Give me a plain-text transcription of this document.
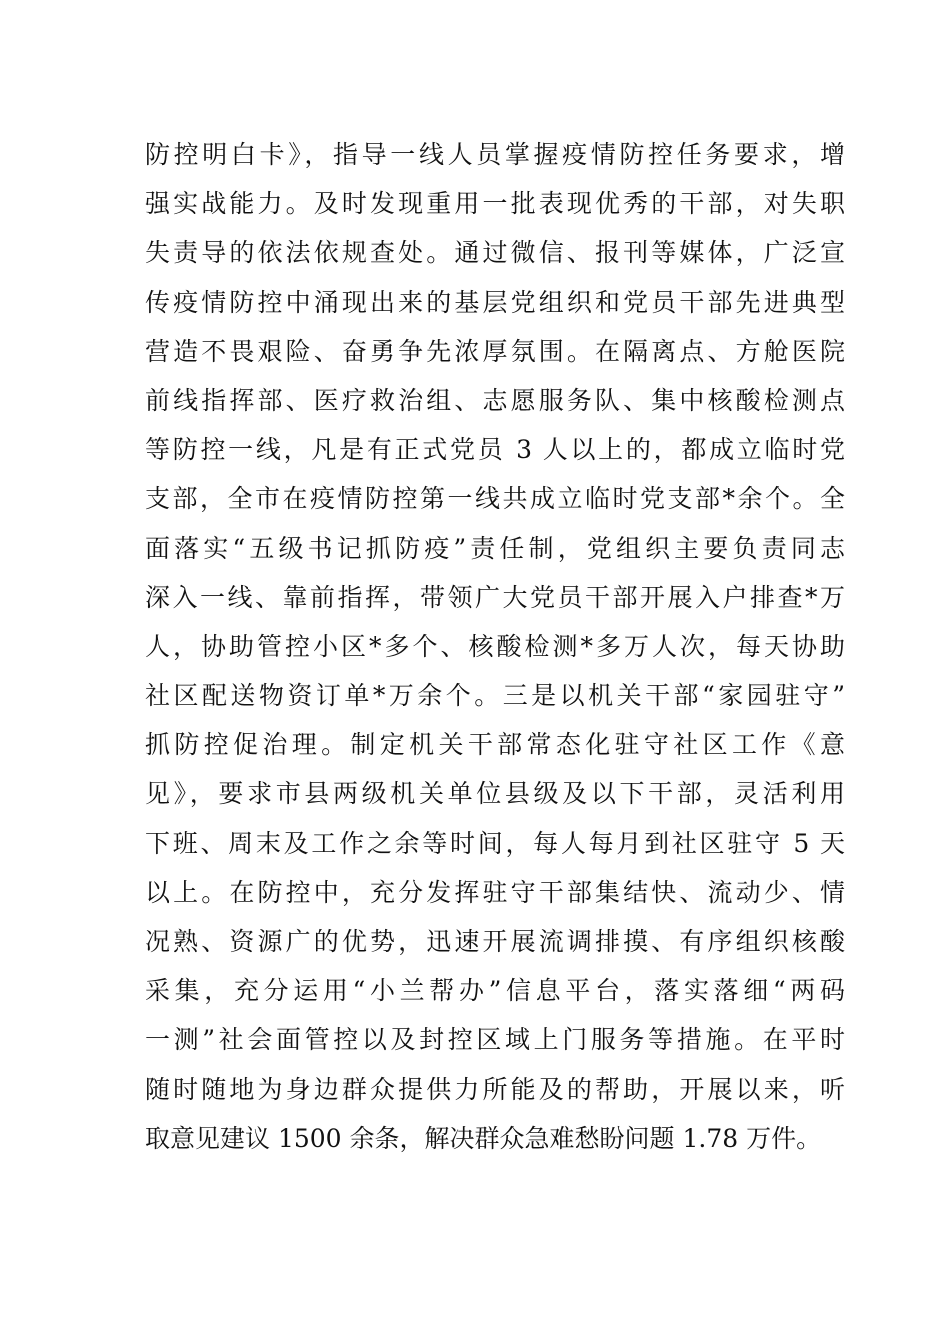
防控明白卡》，指导一线人员掌握疫情防控任务要求，增
强实战能力。及时发现重用一批表现优秀的干部，对失职
失责导的依法依规查处。通过微信、报刊等媒体，广泛宣
传疫情防控中涌现出来的基层党组织和党员干部先进典型
营造不畏艰险、奋勇争先浓厚氛围。在隔离点、方舱医院
前线指挥部、医疗救治组、志愿服务队、集中核酸检测点
等防控一线，凡是有正式党员 3 人以上的，都成立临时党
支部，全市在疫情防控第一线共成立临时党支部*余个。全
面落实“五级书记抓防疫”责任制，党组织主要负责同志
深入一线、靠前指挥，带领广大党员干部开展入户排查*万
人，协助管控小区*多个、核酸检测*多万人次，每天协助
社区配送物资订单*万余个。三是以机关干部“家园驻守”
抓防控促治理。制定机关干部常态化驻守社区工作《意
见》，要求市县两级机关单位县级及以下干部，灵活利用
下班、周末及工作之余等时间，每人每月到社区驻守 5 天
以上。在防控中，充分发挥驻守干部集结快、流动少、情
况熟、资源广的优势，迅速开展流调排摸、有序组织核酸
采集，充分运用“小兰帮办”信息平台，落实落细“两码
一测”社会面管控以及封控区域上门服务等措施。在平时
随时随地为身边群众提供力所能及的帮助，开展以来，听
取意见建议 1500 余条，解决群众急难愁盼问题 1.78 万件。
